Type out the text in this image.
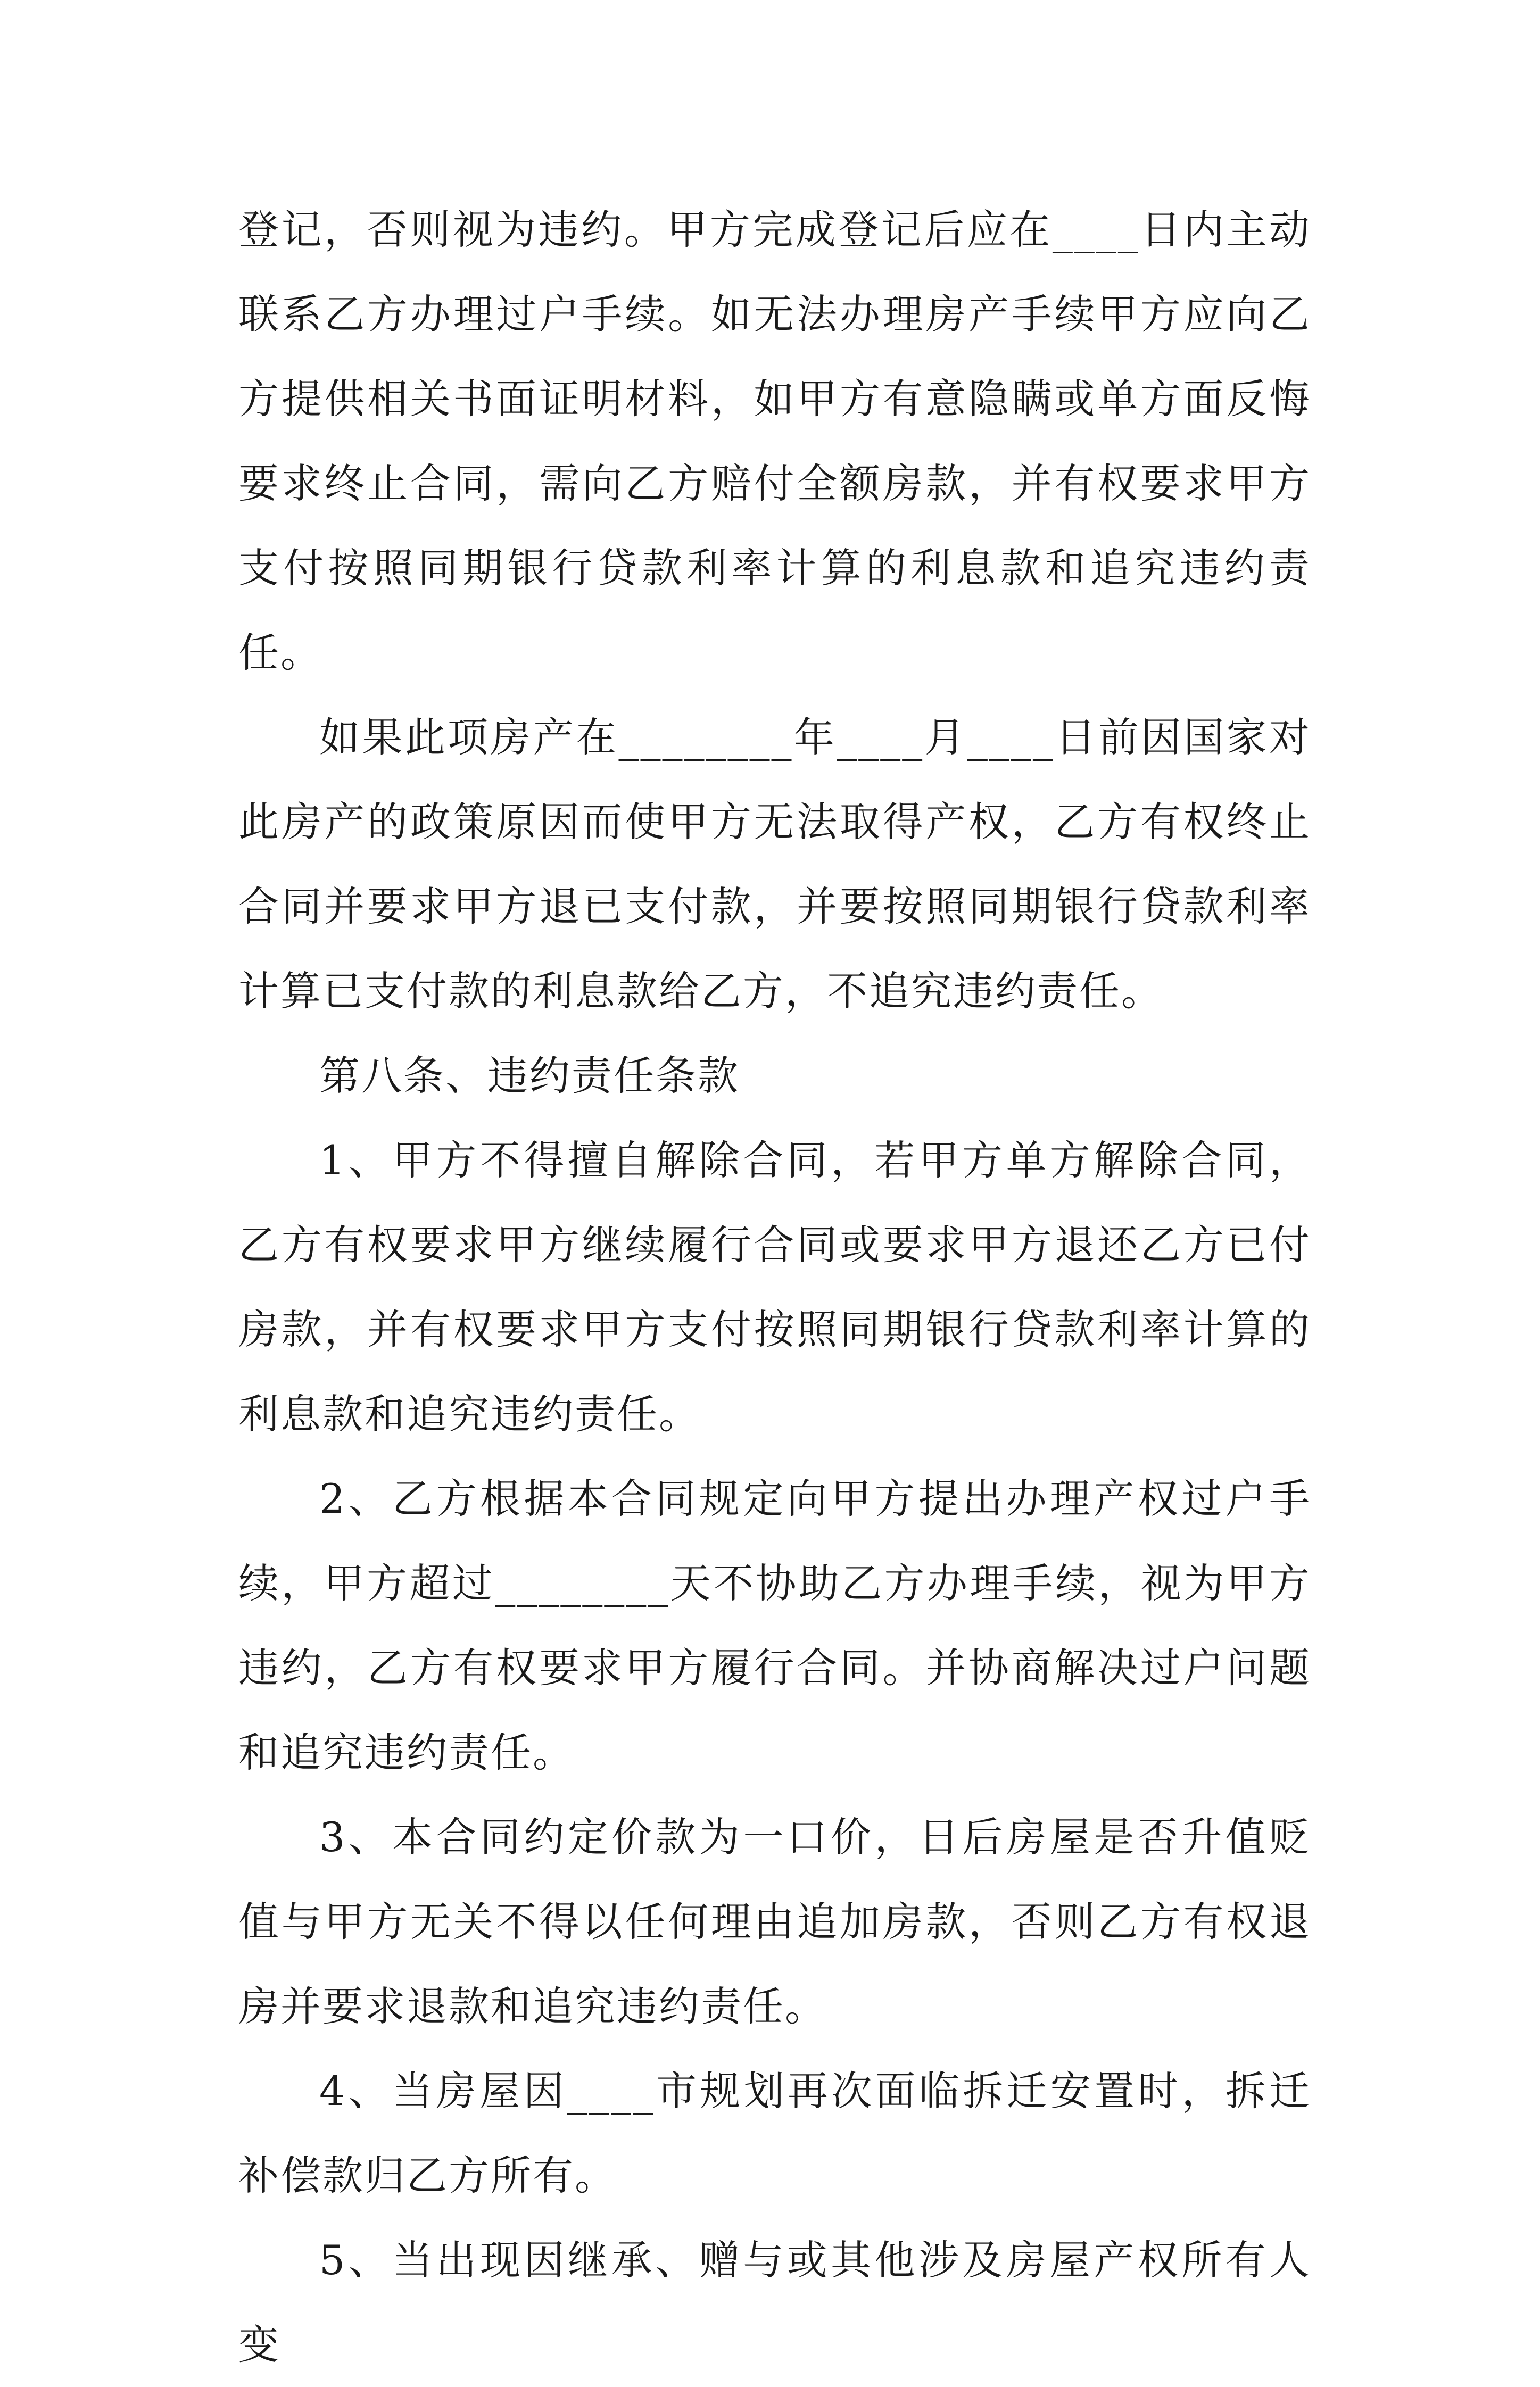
登记，否则视为违约。甲方完成登记后应在____日内主动联系乙方办理过户手续。如无法办理房产手续甲方应向乙方提供相关书面证明材料，如甲方有意隐瞒或单方面反悔要求终止合同，需向乙方赔付全额房款，并有权要求甲方支付按照同期银行贷款利率计算的利息款和追究违约责任。

如果此项房产在________年____月____日前因国家对此房产的政策原因而使甲方无法取得产权，乙方有权终止合同并要求甲方退已支付款，并要按照同期银行贷款利率计算已支付款的利息款给乙方，不追究违约责任。

第八条、违约责任条款

1、甲方不得擅自解除合同，若甲方单方解除合同，乙方有权要求甲方继续履行合同或要求甲方退还乙方已付房款，并有权要求甲方支付按照同期银行贷款利率计算的利息款和追究违约责任。

2、乙方根据本合同规定向甲方提出办理产权过户手续，甲方超过________天不协助乙方办理手续，视为甲方违约，乙方有权要求甲方履行合同。并协商解决过户问题和追究违约责任。

3、本合同约定价款为一口价，日后房屋是否升值贬值与甲方无关不得以任何理由追加房款，否则乙方有权退房并要求退款和追究违约责任。

4、当房屋因____市规划再次面临拆迁安置时，拆迁补偿款归乙方所有。

5、当出现因继承、赠与或其他涉及房屋产权所有人变
